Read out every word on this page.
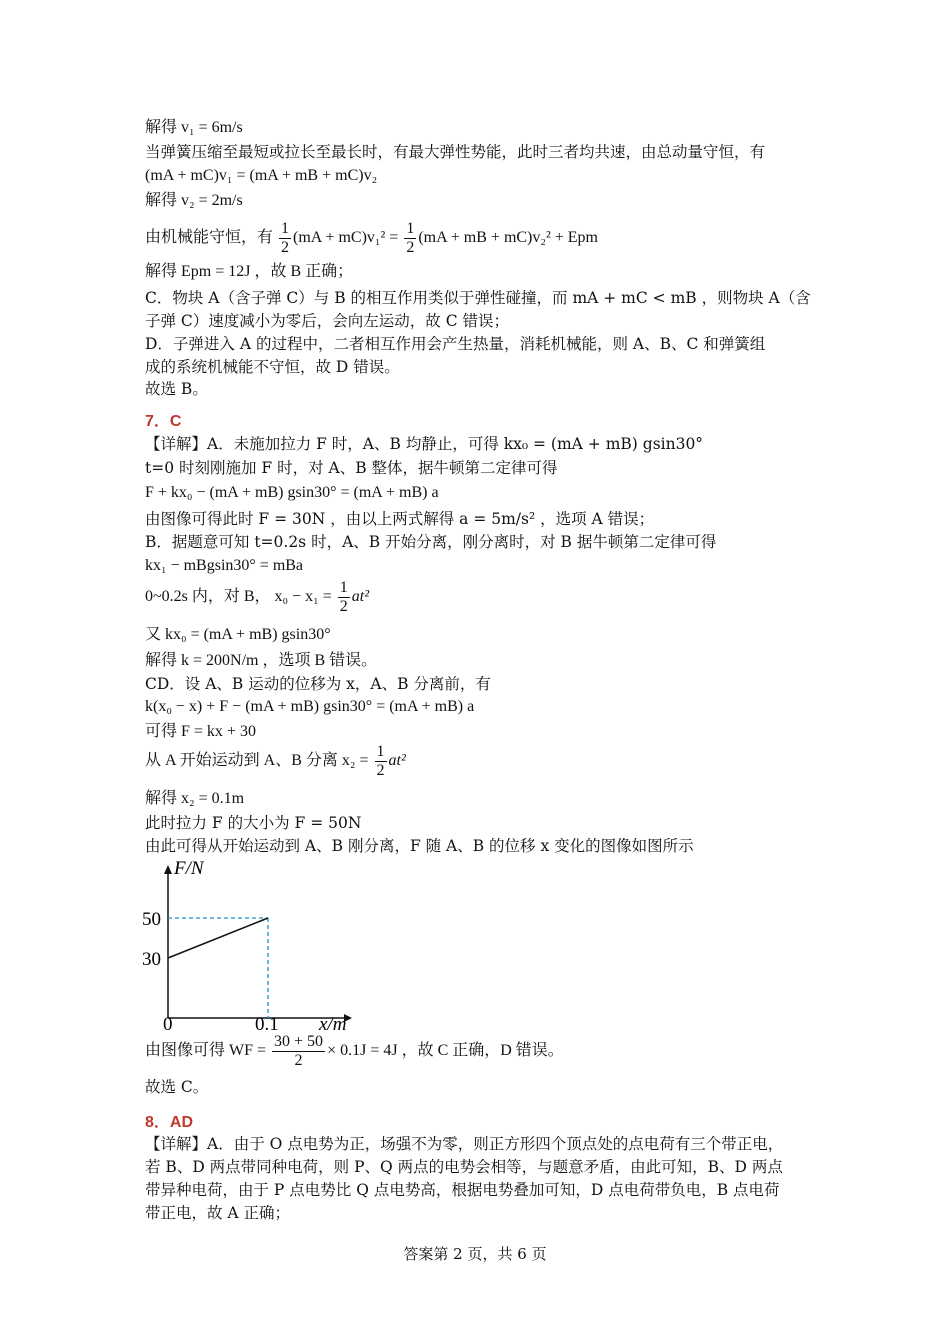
解得 v₁ = 6m/s
当弹簧压缩至最短或拉长至最长时，有最大弹性势能，此时三者均共速，由总动量守恒，有
(mA + mC)v₁ = (mA + mB + mC)v₂
解得 v₂ = 2m/s
由机械能守恒，有 $\frac{1}{2} (mA + mC)v_1^2 = \frac{1}{2} (mA$ + mB + mC)v₂² + Epm
解得 Epm = 12J ，故 B 正确；
C．物块 A（含子弹 C）与 B 的相互作用类似于弹性碰撞，而 mA + mC < mB ，则物块 A（含
子弹 C）速度减小为零后，会向左运动，故 C 错误；
D．子弹进入 A 的过程中，二者相互作用会产生热量，消耗机械能，则 A、B、C 和弹簧组
成的系统机械能不守恒，故 D 错误。
故选 B。
7．C
【详解】A．未施加拉力 F 时，A、B 均静止，可得 kx₀ = (mA + mB) gsin30°
t=0 时刻刚施加 F 时，对 A、B 整体，据牛顿第二定律可得
F + kx₀ − (mA + mB) gsin30° = (mA + mB) a
由图像可得此时 F = 30N ，由以上两式解得 a = 5m/s² ，选项 A 错误；
B．据题意可知 t=0.2s 时，A、B 开始分离，刚分离时，对 B 据牛顿第二定律可得
kx₁ − mBgsin30° = mBa
0~0.2s 内，对 B， $x_0 - x_1 = \frac{1}{2} at^2$
又 kx₀ = (mA + mB) gsin30°
解得 k = 200N/m ，选项 B 错误。
CD．设 A、B 运动的位移为 x，A、B 分离前，有
k(x₀ − x) + F − (mA + mB) gsin30° = (mA + mB) a
可得 F = kx + 30
从 A 开始运动到 A、B 分离 $x_2 = \frac{1}{2} at^2$
解得 x₂ = 0.1m
此时拉力 F 的大小为 F = 50N
由此可得从开始运动到 A、B 刚分离，F 随 A、B 的位移 x 变化的图像如图所示
30
50
0	0.1
F/N
x/m
由图像可得 WF = $\frac{30 + 50}{2} \times 0.1J = 4J$ ，故 C 正确，D 错误。
故选 C。
8．AD
【详解】A．由于 O 点电势为正，场强不为零，则正方形四个顶点处的点电荷有三个带正电，
若 B、D 两点带同种电荷，则 P、Q 两点的电势会相等，与题意矛盾，由此可知，B、D 两点
带异种电荷，由于 P 点电势比 Q 点电势高，根据电势叠加可知，D 点电荷带负电，B 点电荷
带正电，故 A 正确；
答案第 2 页，共 6 页
